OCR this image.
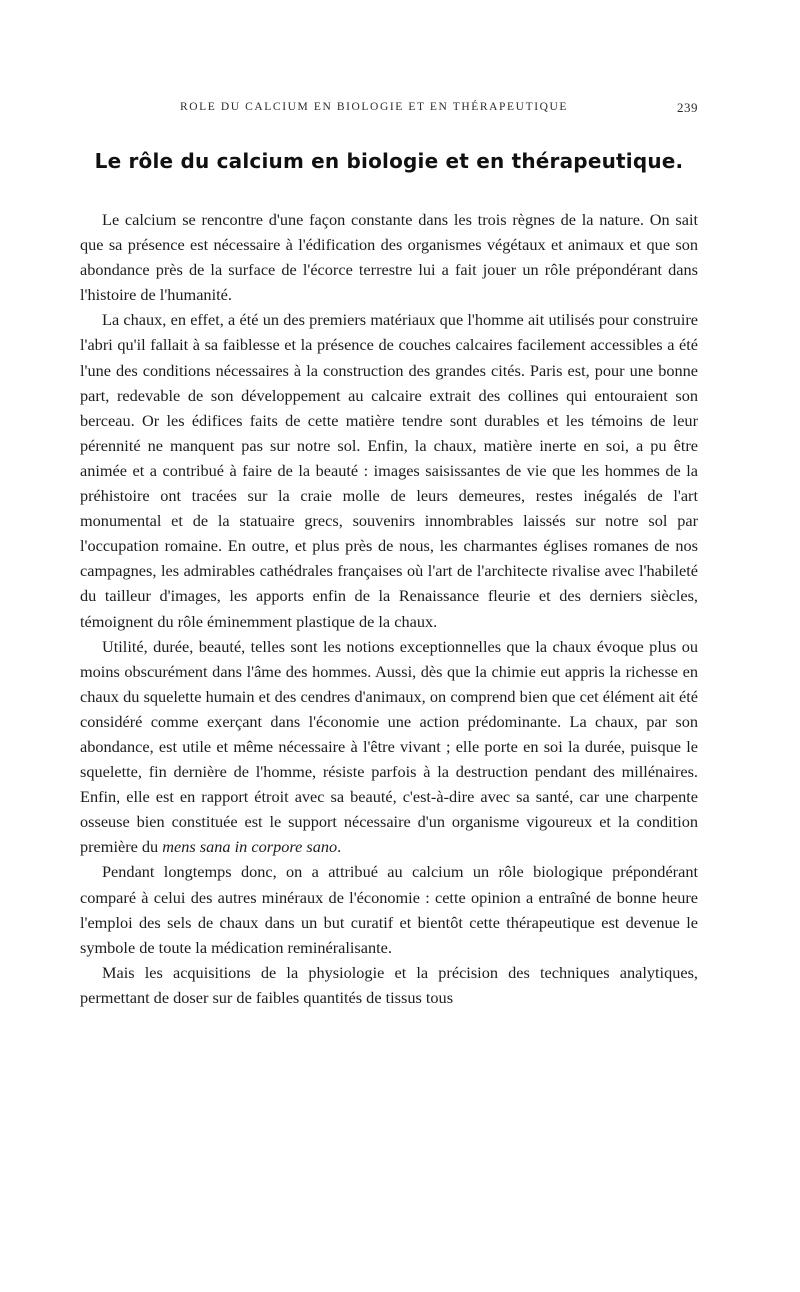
ROLE DU CALCIUM EN BIOLOGIE ET EN THÉRAPEUTIQUE	239
Le rôle du calcium en biologie et en thérapeutique.

Le calcium se rencontre d'une façon constante dans les trois règnes de la nature. On sait que sa présence est nécessaire à l'édification des organismes végétaux et animaux et que son abondance près de la surface de l'écorce terrestre lui a fait jouer un rôle prépondérant dans l'histoire de l'humanité.

La chaux, en effet, a été un des premiers matériaux que l'homme ait utilisés pour construire l'abri qu'il fallait à sa faiblesse et la présence de couches calcaires facilement accessibles a été l'une des conditions nécessaires à la construction des grandes cités. Paris est, pour une bonne part, redevable de son développement au calcaire extrait des collines qui entouraient son berceau. Or les édifices faits de cette matière tendre sont durables et les témoins de leur pérennité ne manquent pas sur notre sol. Enfin, la chaux, matière inerte en soi, a pu être animée et a contribué à faire de la beauté : images saisissantes de vie que les hommes de la préhistoire ont tracées sur la craie molle de leurs demeures, restes inégalés de l'art monumental et de la statuaire grecs, souvenirs innombrables laissés sur notre sol par l'occupation romaine. En outre, et plus près de nous, les charmantes églises romanes de nos campagnes, les admirables cathédrales françaises où l'art de l'architecte rivalise avec l'habileté du tailleur d'images, les apports enfin de la Renaissance fleurie et des derniers siècles, témoignent du rôle éminemment plastique de la chaux.

Utilité, durée, beauté, telles sont les notions exceptionnelles que la chaux évoque plus ou moins obscurément dans l'âme des hommes. Aussi, dès que la chimie eut appris la richesse en chaux du squelette humain et des cendres d'animaux, on comprend bien que cet élément ait été considéré comme exerçant dans l'économie une action prédominante. La chaux, par son abondance, est utile et même nécessaire à l'être vivant ; elle porte en soi la durée, puisque le squelette, fin dernière de l'homme, résiste parfois à la destruction pendant des millénaires. Enfin, elle est en rapport étroit avec sa beauté, c'est-à-dire avec sa santé, car une charpente osseuse bien constituée est le support nécessaire d'un organisme vigoureux et la condition première du mens sana in corpore sano.

Pendant longtemps donc, on a attribué au calcium un rôle biologique prépondérant comparé à celui des autres minéraux de l'économie : cette opinion a entraîné de bonne heure l'emploi des sels de chaux dans un but curatif et bientôt cette thérapeutique est devenue le symbole de toute la médication reminéralisante.

Mais les acquisitions de la physiologie et la précision des techniques analytiques, permettant de doser sur de faibles quantités de tissus tous
